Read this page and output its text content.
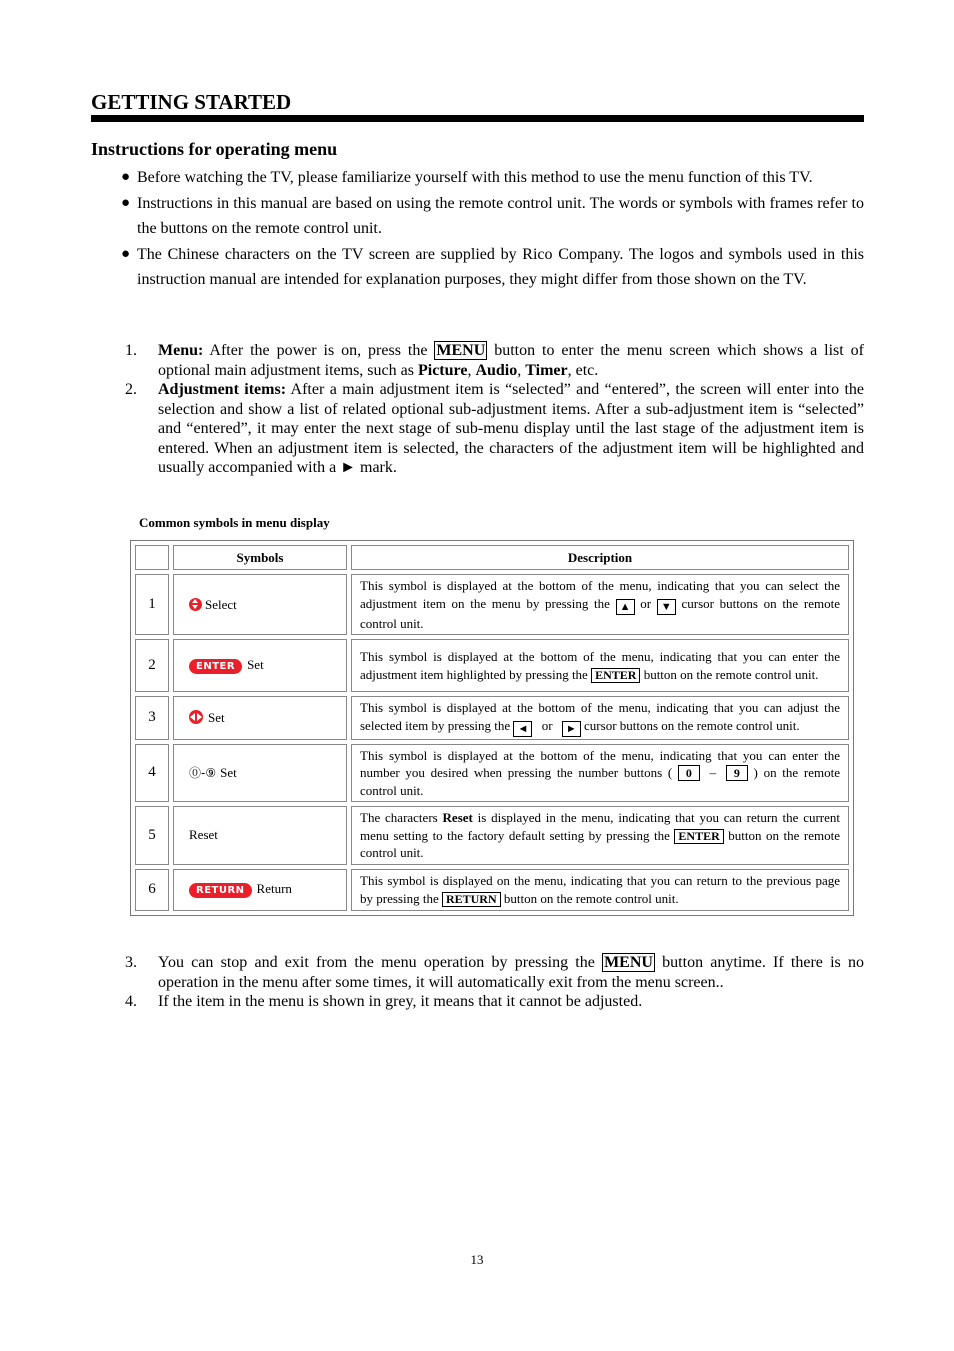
GETTING STARTED
Instructions for operating menu

● Before watching the TV, please familiarize yourself with this method to use the menu function of this TV.

● Instructions in this manual are based on using the remote control unit. The words or symbols with frames refer to the buttons on the remote control unit.

● The Chinese characters on the TV screen are supplied by Rico Company. The logos and symbols used in this instruction manual are intended for explanation purposes, they might differ from those shown on the TV.

1. Menu: After the power is on, press the MENU button to enter the menu screen which shows a list of optional main adjustment items, such as Picture, Audio, Timer, etc.
2. Adjustment items: After a main adjustment item is “selected” and “entered”, the screen will enter into the selection and show a list of related optional sub-adjustment items. After a sub-adjustment item is “selected” and “entered”, it may enter the next stage of sub-menu display until the last stage of the adjustment item is entered. When an adjustment item is selected, the characters of the adjustment item will be highlighted and usually accompanied with a ► mark.
Common symbols in menu display
	Symbols	Description
1	Select	This symbol is displayed at the bottom of the menu, indicating that you can select the adjustment item on the menu by pressing the ▲ or ▼ cursor buttons on the remote control unit.
2	ENTER Set	This symbol is displayed at the bottom of the menu, indicating that you can enter the adjustment item highlighted by pressing the ENTER button on the remote control unit.
3	Set	This symbol is displayed at the bottom of the menu, indicating that you can adjust the selected item by pressing the ◄ or ► cursor buttons on the remote control unit.
4	⓪-⑨ Set	This symbol is displayed at the bottom of the menu, indicating that you can enter the number you desired when pressing the number buttons ( 0 – 9 ) on the remote control unit.
5	Reset	The characters Reset is displayed in the menu, indicating that you can return the current menu setting to the factory default setting by pressing the ENTER button on the remote control unit.
6	RETURN Return	This symbol is displayed on the menu, indicating that you can return to the previous page by pressing the RETURN button on the remote control unit.
3. You can stop and exit from the menu operation by pressing the MENU button anytime. If there is no operation in the menu after some times, it will automatically exit from the menu screen..
4. If the item in the menu is shown in grey, it means that it cannot be adjusted.
13
